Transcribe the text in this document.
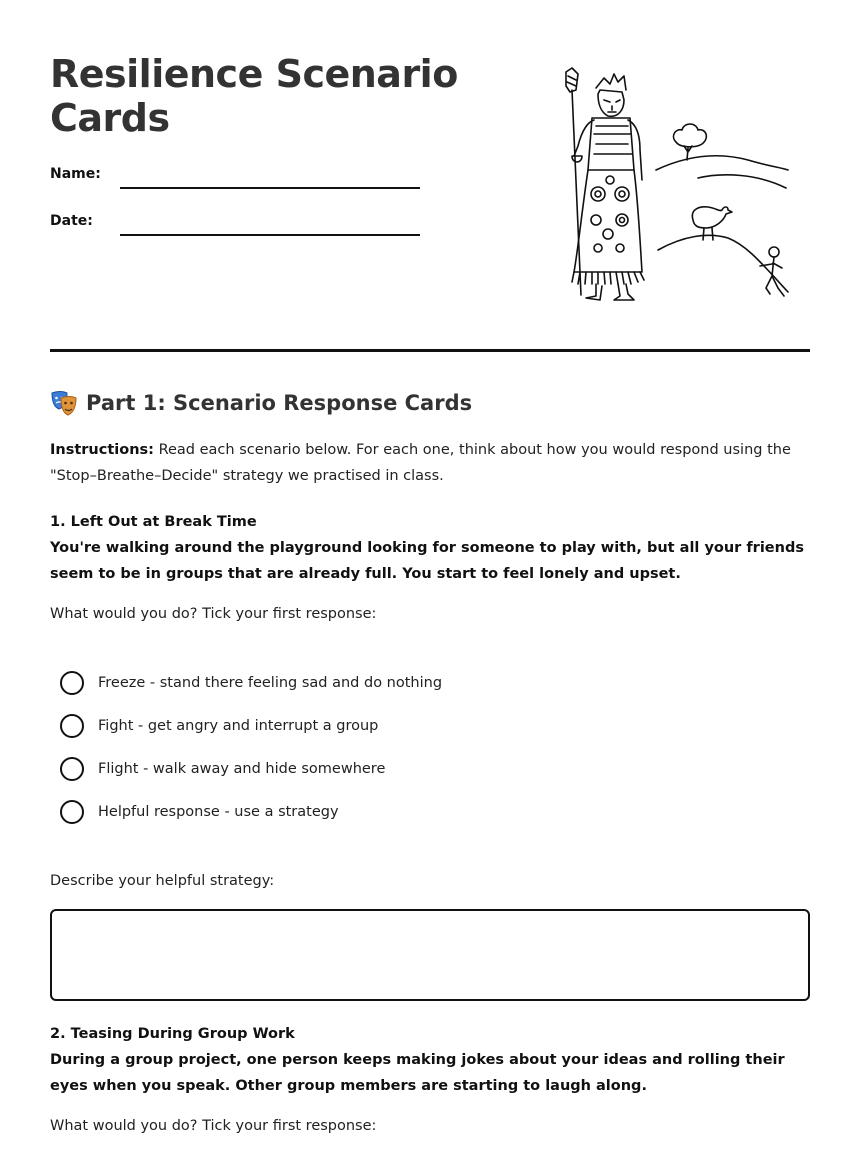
Resilience Scenario Cards
Name:
Date:
Part 1: Scenario Response Cards
Instructions: Read each scenario below. For each one, think about how you would respond using the "Stop–Breathe–Decide" strategy we practised in class.
1. Left Out at Break Time
You're walking around the playground looking for someone to play with, but all your friends seem to be in groups that are already full. You start to feel lonely and upset.
What would you do? Tick your first response:
Freeze - stand there feeling sad and do nothing
Fight - get angry and interrupt a group
Flight - walk away and hide somewhere
Helpful response - use a strategy
Describe your helpful strategy:
2. Teasing During Group Work
During a group project, one person keeps making jokes about your ideas and rolling their eyes when you speak. Other group members are starting to laugh along.
What would you do? Tick your first response:
